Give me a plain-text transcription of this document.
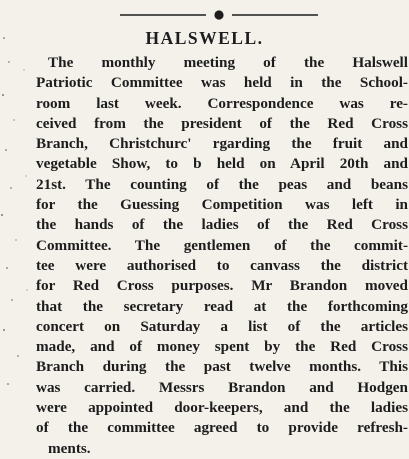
HALSWELL.
The monthly meeting of the Halswell
Patriotic Committee was held in the School-
room last week. Correspondence was re-
ceived from the president of the Red Cross
Branch, Christchurc' rgarding the fruit and
vegetable Show, to b held on April 20th and
21st. The counting of the peas and beans
for the Guessing Competition was left in
the hands of the ladies of the Red Cross
Committee. The gentlemen of the commit-
tee were authorised to canvass the district
for Red Cross purposes. Mr Brandon moved
that the secretary read at the forthcoming
concert on Saturday a list of the articles
made, and of money spent by the Red Cross
Branch during the past twelve months. This
was carried. Messrs Brandon and Hodgen
were appointed door-keepers, and the ladies
of the committee agreed to provide refresh-
ments.
